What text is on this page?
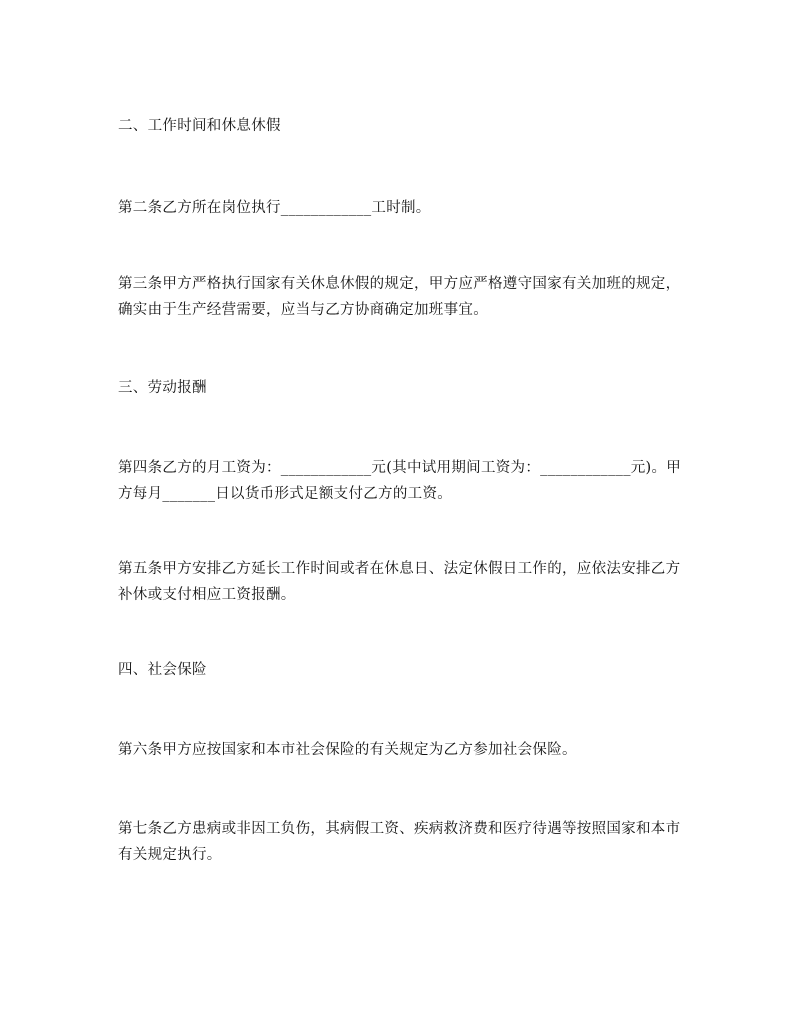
二、工作时间和休息休假

第二条乙方所在岗位执行____________工时制。

第三条甲方严格执行国家有关休息休假的规定，甲方应严格遵守国家有关加班的规定，确实由于生产经营需要，应当与乙方协商确定加班事宜。

三、劳动报酬

第四条乙方的月工资为：____________元(其中试用期间工资为：____________元)。甲方每月_______日以货币形式足额支付乙方的工资。

第五条甲方安排乙方延长工作时间或者在休息日、法定休假日工作的，应依法安排乙方补休或支付相应工资报酬。

四、社会保险

第六条甲方应按国家和本市社会保险的有关规定为乙方参加社会保险。

第七条乙方患病或非因工负伤，其病假工资、疾病救济费和医疗待遇等按照国家和本市有关规定执行。
